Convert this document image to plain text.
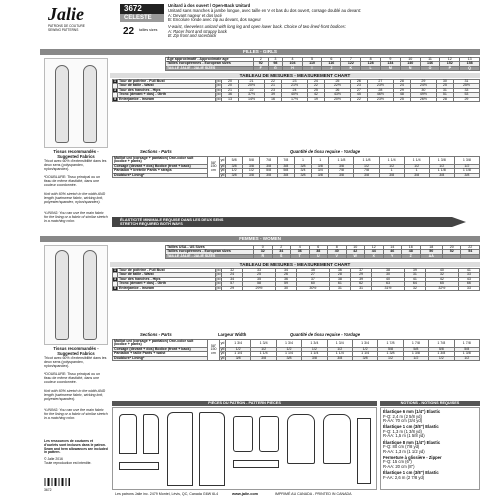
Jalie
PATRONS DE COUTURE
SEWING PATTERNS
3672
CELESTE
22 tailles sizes
Unitard à dos ouvert / Open-Back Unitard
Unitard sans manches à jambe longue, avec taille en V et bas du dos ouvert, corsage doublé au devant:
A: Devant nageur et dos lacé
B: Encolure ronde avec zip au devant, dos nageur
V-waist, sleeveless unitard with long leg and open lower back. Choice of two lined-front bodices:
A: Racer front and strappy back
B: Zip front and racerback
FILLES - GIRLS
Âge approximatif - Approximate age	2	3	4	5	6	7	8	9	10	11	12	13
Tailles européennes - European sizes	92	98	104	110	116	122	128	134	140	146	152	158
TAILLE JALIE - JALIE SIZES	F	G	H	I	J	K	L	M	N	O	P	Q
TABLEAU DE MESURES - MEASUREMENT CHART
1	Tour de poitrine - Full Bust	po	20	21	22	23	24	25	26	27	28	29	30	31
2	Tour de taille - Waist	po	20	20½	21	21½	22	22½	23	23½	24	24½	25	25½
3	Tour des hanches - Hips	po	21	22	23	24	25	26	27	28	29	30	31	33
4	Tronc (devant + dos) - Girth	po	36	37½	39	40½	42	43½	45	46½	48	49½	51	53
5	Entrejambe - Inseam	po	13	14½	16	17½	19	20½	22	23½	25	26½	28	29
Tissus recommandés - Suggested Fabrics
Tricot avec 60% d'extensibilité dans les deux sens (polyspandex, nylon/spandex).
*DOUBLURE: Tissu principal ou un tissu de même élasticité, dans une couleur coordonnée.
Knit with 60% stretch in the width AND length (swimwear fabric, wicking knit, polyester/spandex, nylon/spandex).
*LINING: You can use the main fabric for the lining or a fabric of similar stretch in a matching color.
Sections - Parts	Quantité de tissu requise - Yardage
Maillot uni (corsage + pantalon) One-color suit (bodice + pants)	58" 150 cm	yd	5/8	5/8	7/8	7/8	1	1	1 1/8	1 1/8	1 1/4	1 1/4	1 3/8	1 3/8
Corsage (devant + dos) Bodice (front + back)		yd	3/8	3/8	3/8	3/8	3/8	3/8	3/8	1/2	1/2	1/2	1/2	1/2
Pantalon + bretelle Pants + straps		yd	1/2	1/2	5/8	5/8	3/4	3/4	7/8	7/8	1	1	1 1/8	1 1/8
Doublure* Lining*		yd	3/8	3/8	3/8	3/8	3/8	3/8	3/8	3/8	3/8	3/8	3/8	3/8
ÉLASTICITÉ MINIMALE REQUISE DANS LES DEUX SENS
STRETCH REQUIRED BOTH WAYS
FEMMES - WOMEN
Tailles USA - US Sizes	0	2	4	6	8	10	12	14	16	18	20	22
Tailles européennes - European sizes	32	34	36	38	40	42	44	46	48	50	52	54
TAILLE JALIE - JALIE SIZES	R	S	T	U	V	W	X	Y	Z	AA		
TABLEAU DE MESURES - MEASUREMENT CHART
1	Tour de poitrine - Full Bust	po	32	33	34	35	36	37	38	39	40	41
2	Tour de taille - Waist	po	24	25	26	27	28	29	30	31	32	33
3	Tour des hanches - Hips	po	34	35	36	37	38	39	40	41	42	43
4	Tronc (devant + dos) - Girth	po	57	58	59	60	61	62	63	64	65	66
5	Entrejambe - Inseam	po	29	29½	30	30½	31	31	31½	32	32½	33
Tissus recommandés - Suggested Fabrics
Tricot avec 60% d'extensibilité dans les deux sens (polyspandex, nylon/spandex).
*DOUBLURE: Tissu principal ou un tissu de même élasticité, dans une couleur coordonnée.
Knit with 60% stretch in the width AND length (swimwear fabric, wicking knit, polyester/spandex).
*LINING: You can use the main fabric for the lining or a fabric of similar stretch in a matching color.
Sections - Parts	Largeur Width	Quantité de tissu requise - Yardage
Maillot uni (corsage + pantalon) One-color suit (bodice + pants)	58" 150 cm	yd	1 3/4	1 3/4	1 3/4	1 3/4	1 3/4	1 3/4	1 7/8	1 7/8	1 7/8	1 7/8
Corsage (devant + dos) Bodice (front + back)		yd	1/2	1/2	1/2	1/2	1/2	1/2	5/8	5/8	5/8	5/8
Pantalon + taille Pants + waist		yd	1 1/4	1 1/4	1 1/4	1 1/4	1 1/4	1 1/4	1 3/8	1 3/8	1 3/8	1 3/8
Doublure* Lining*		yd	3/8	3/8	3/8	3/8	3/8	3/8	1/2	1/2	1/2	1/2
PIÈCES DU PATRON - PATTERN PIECES	NOTIONS - NOTIONS REQUISES
Élastique 6 mm (1/4") Elastic
F-Q: 2,4 m (2 5/8 yd)
R-AA: 70 cm (3/4 yd)
Élastique 1 cm (3/8") Elastic
F-Q: 1,3 m (1 3/8 yd)
R-AA: 1,5 m (1 5/8 yd)
Élastique 8 mm (1/4") Elastic
F-Q: 80 cm (7/8 yd)
R-AA: 1,3 m (1 1/2 yd)
Fermeture à glissière - Zipper
F-Q: 15 cm (6")
R-AA: 20 cm (8")
Élastique 1 cm (3/8") Elastic
F-AA: 2,6 m (2 7/8 yd)
Les ressources de coutures et d'ourlets sont incluses dans le patron.
Seam and hem allowances are included in pattern.
© Jalie 2016
Toute reproduction est interdite.
Les patrons Jalie inc. 2479 Montel, Lévis, QC, Canada G6W 6L4	www.jalie.com	IMPRIMÉ AU CANADA - PRINTED IN CANADA
3672
